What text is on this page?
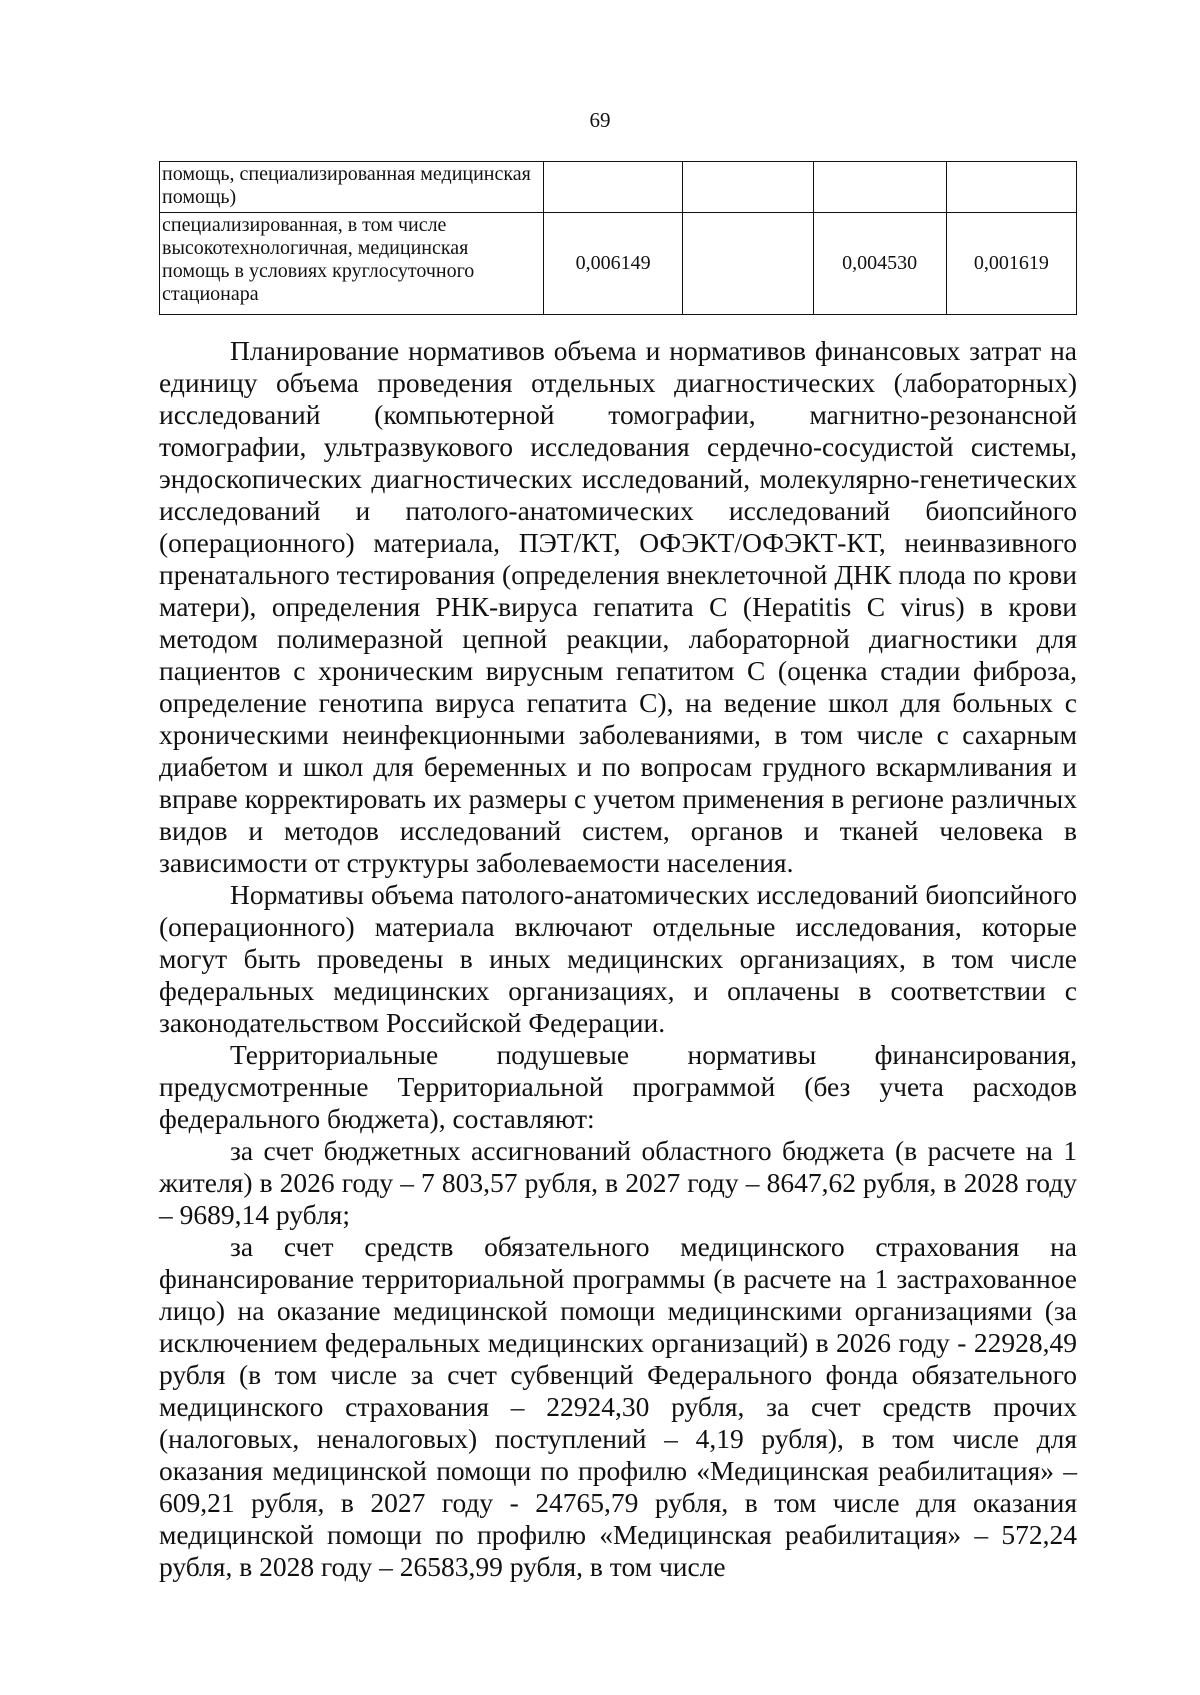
69
помощь, специализированная медицинская помощь)				
специализированная, в том числе высокотехнологичная, медицинская помощь в условиях круглосуточного стационара	0,006149		0,004530	0,001619

Планирование нормативов объема и нормативов финансовых затрат на единицу объема проведения отдельных диагностических (лабораторных) исследований (компьютерной томографии, магнитно-резонансной томографии, ультразвукового исследования сердечно-сосудистой системы, эндоскопических диагностических исследований, молекулярно-генетических исследований и патолого-анатомических исследований биопсийного (операционного) материала, ПЭТ/КТ, ОФЭКТ/ОФЭКТ-КТ, неинвазивного пренатального тестирования (определения внеклеточной ДНК плода по крови матери), определения РНК-вируса гепатита С (Hepatitis C virus) в крови методом полимеразной цепной реакции, лабораторной диагностики для пациентов с хроническим вирусным гепатитом С (оценка стадии фиброза, определение генотипа вируса гепатита С), на ведение школ для больных с хроническими неинфекционными заболеваниями, в том числе с сахарным диабетом и школ для беременных и по вопросам грудного вскармливания и вправе корректировать их размеры с учетом применения в регионе различных видов и методов исследований систем, органов и тканей человека в зависимости от структуры заболеваемости населения.

Нормативы объема патолого-анатомических исследований биопсийного (операционного) материала включают отдельные исследования, которые могут быть проведены в иных медицинских организациях, в том числе федеральных медицинских организациях, и оплачены в соответствии с законодательством Российской Федерации.

Территориальные подушевые нормативы финансирования, предусмотренные Территориальной программой (без учета расходов федерального бюджета), составляют:

за счет бюджетных ассигнований областного бюджета (в расчете на 1 жителя) в 2026 году – 7 803,57 рубля, в 2027 году – 8647,62 рубля, в 2028 году – 9689,14 рубля;

за счет средств обязательного медицинского страхования на финансирование территориальной программы (в расчете на 1 застрахованное лицо) на оказание медицинской помощи медицинскими организациями (за исключением федеральных медицинских организаций) в 2026 году - 22928,49 рубля (в том числе за счет субвенций Федерального фонда обязательного медицинского страхования – 22924,30 рубля, за счет средств прочих (налоговых, неналоговых) поступлений – 4,19 рубля), в том числе для оказания медицинской помощи по профилю «Медицинская реабилитация» – 609,21 рубля, в 2027 году - 24765,79 рубля, в том числе для оказания медицинской помощи по профилю «Медицинская реабилитация» – 572,24 рубля, в 2028 году – 26583,99 рубля, в том числе
